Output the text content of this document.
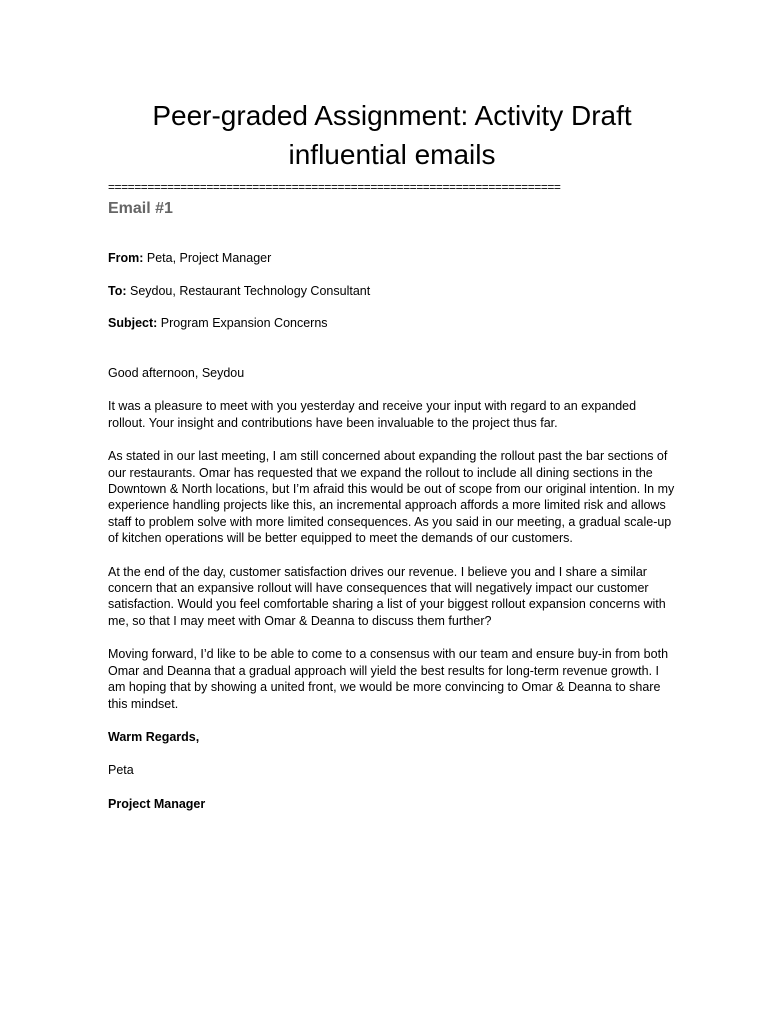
Peer-graded Assignment: Activity Draft influential emails
=====================================================================
Email #1
From: Peta, Project Manager
To: Seydou, Restaurant Technology Consultant
Subject: Program Expansion Concerns
Good afternoon, Seydou
It was a pleasure to meet with you yesterday and receive your input with regard to an expanded rollout. Your insight and contributions have been invaluable to the project thus far.
As stated in our last meeting, I am still concerned about expanding the rollout past the bar sections of our restaurants. Omar has requested that we expand the rollout to include all dining sections in the Downtown & North locations, but I’m afraid this would be out of scope from our original intention. In my experience handling projects like this, an incremental approach affords a more limited risk and allows staff to problem solve with more limited consequences. As you said in our meeting, a gradual scale-up of kitchen operations will be better equipped to meet the demands of our customers.
At the end of the day, customer satisfaction drives our revenue. I believe you and I share a similar concern that an expansive rollout will have consequences that will negatively impact our customer satisfaction. Would you feel comfortable sharing a list of your biggest rollout expansion concerns with me, so that I may meet with Omar & Deanna to discuss them further?
Moving forward, I’d like to be able to come to a consensus with our team and ensure buy-in from both Omar and Deanna that a gradual approach will yield the best results for long-term revenue growth. I am hoping that by showing a united front, we would be more convincing to Omar & Deanna to share this mindset.
Warm Regards,
Peta
Project Manager
